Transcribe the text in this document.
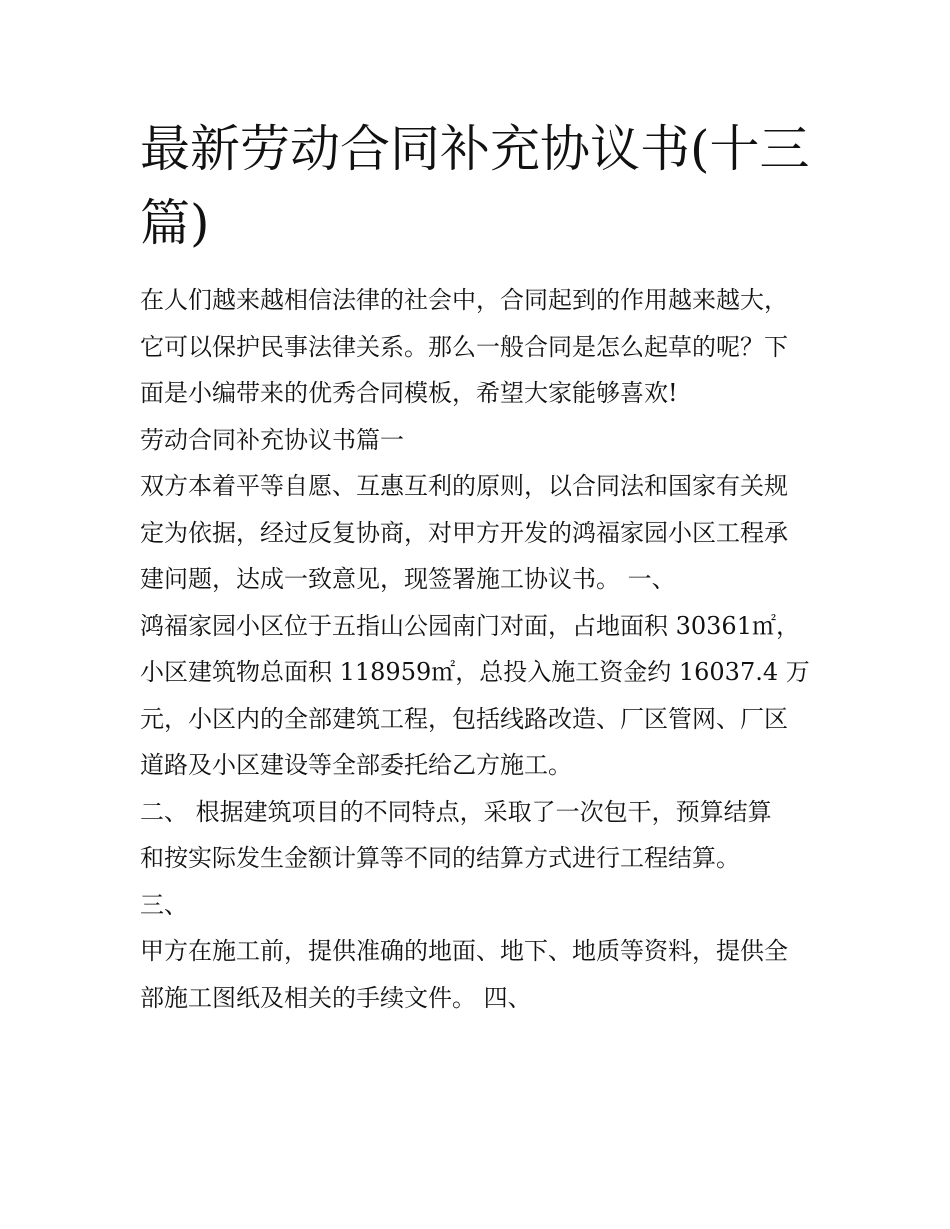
最新劳动合同补充协议书(十三篇)
在人们越来越相信法律的社会中，合同起到的作用越来越大，
它可以保护民事法律关系。那么一般合同是怎么起草的呢？下
面是小编带来的优秀合同模板，希望大家能够喜欢!
劳动合同补充协议书篇一
双方本着平等自愿、互惠互利的原则，以合同法和国家有关规
定为依据，经过反复协商，对甲方开发的鸿福家园小区工程承
建问题，达成一致意见，现签署施工协议书。 一、
鸿福家园小区位于五指山公园南门对面，占地面积 30361㎡，
小区建筑物总面积 118959㎡，总投入施工资金约 16037.4 万
元，小区内的全部建筑工程，包括线路改造、厂区管网、厂区
道路及小区建设等全部委托给乙方施工。
二、 根据建筑项目的不同特点，采取了一次包干，预算结算
和按实际发生金额计算等不同的结算方式进行工程结算。
三、
甲方在施工前，提供准确的地面、地下、地质等资料，提供全
部施工图纸及相关的手续文件。 四、
